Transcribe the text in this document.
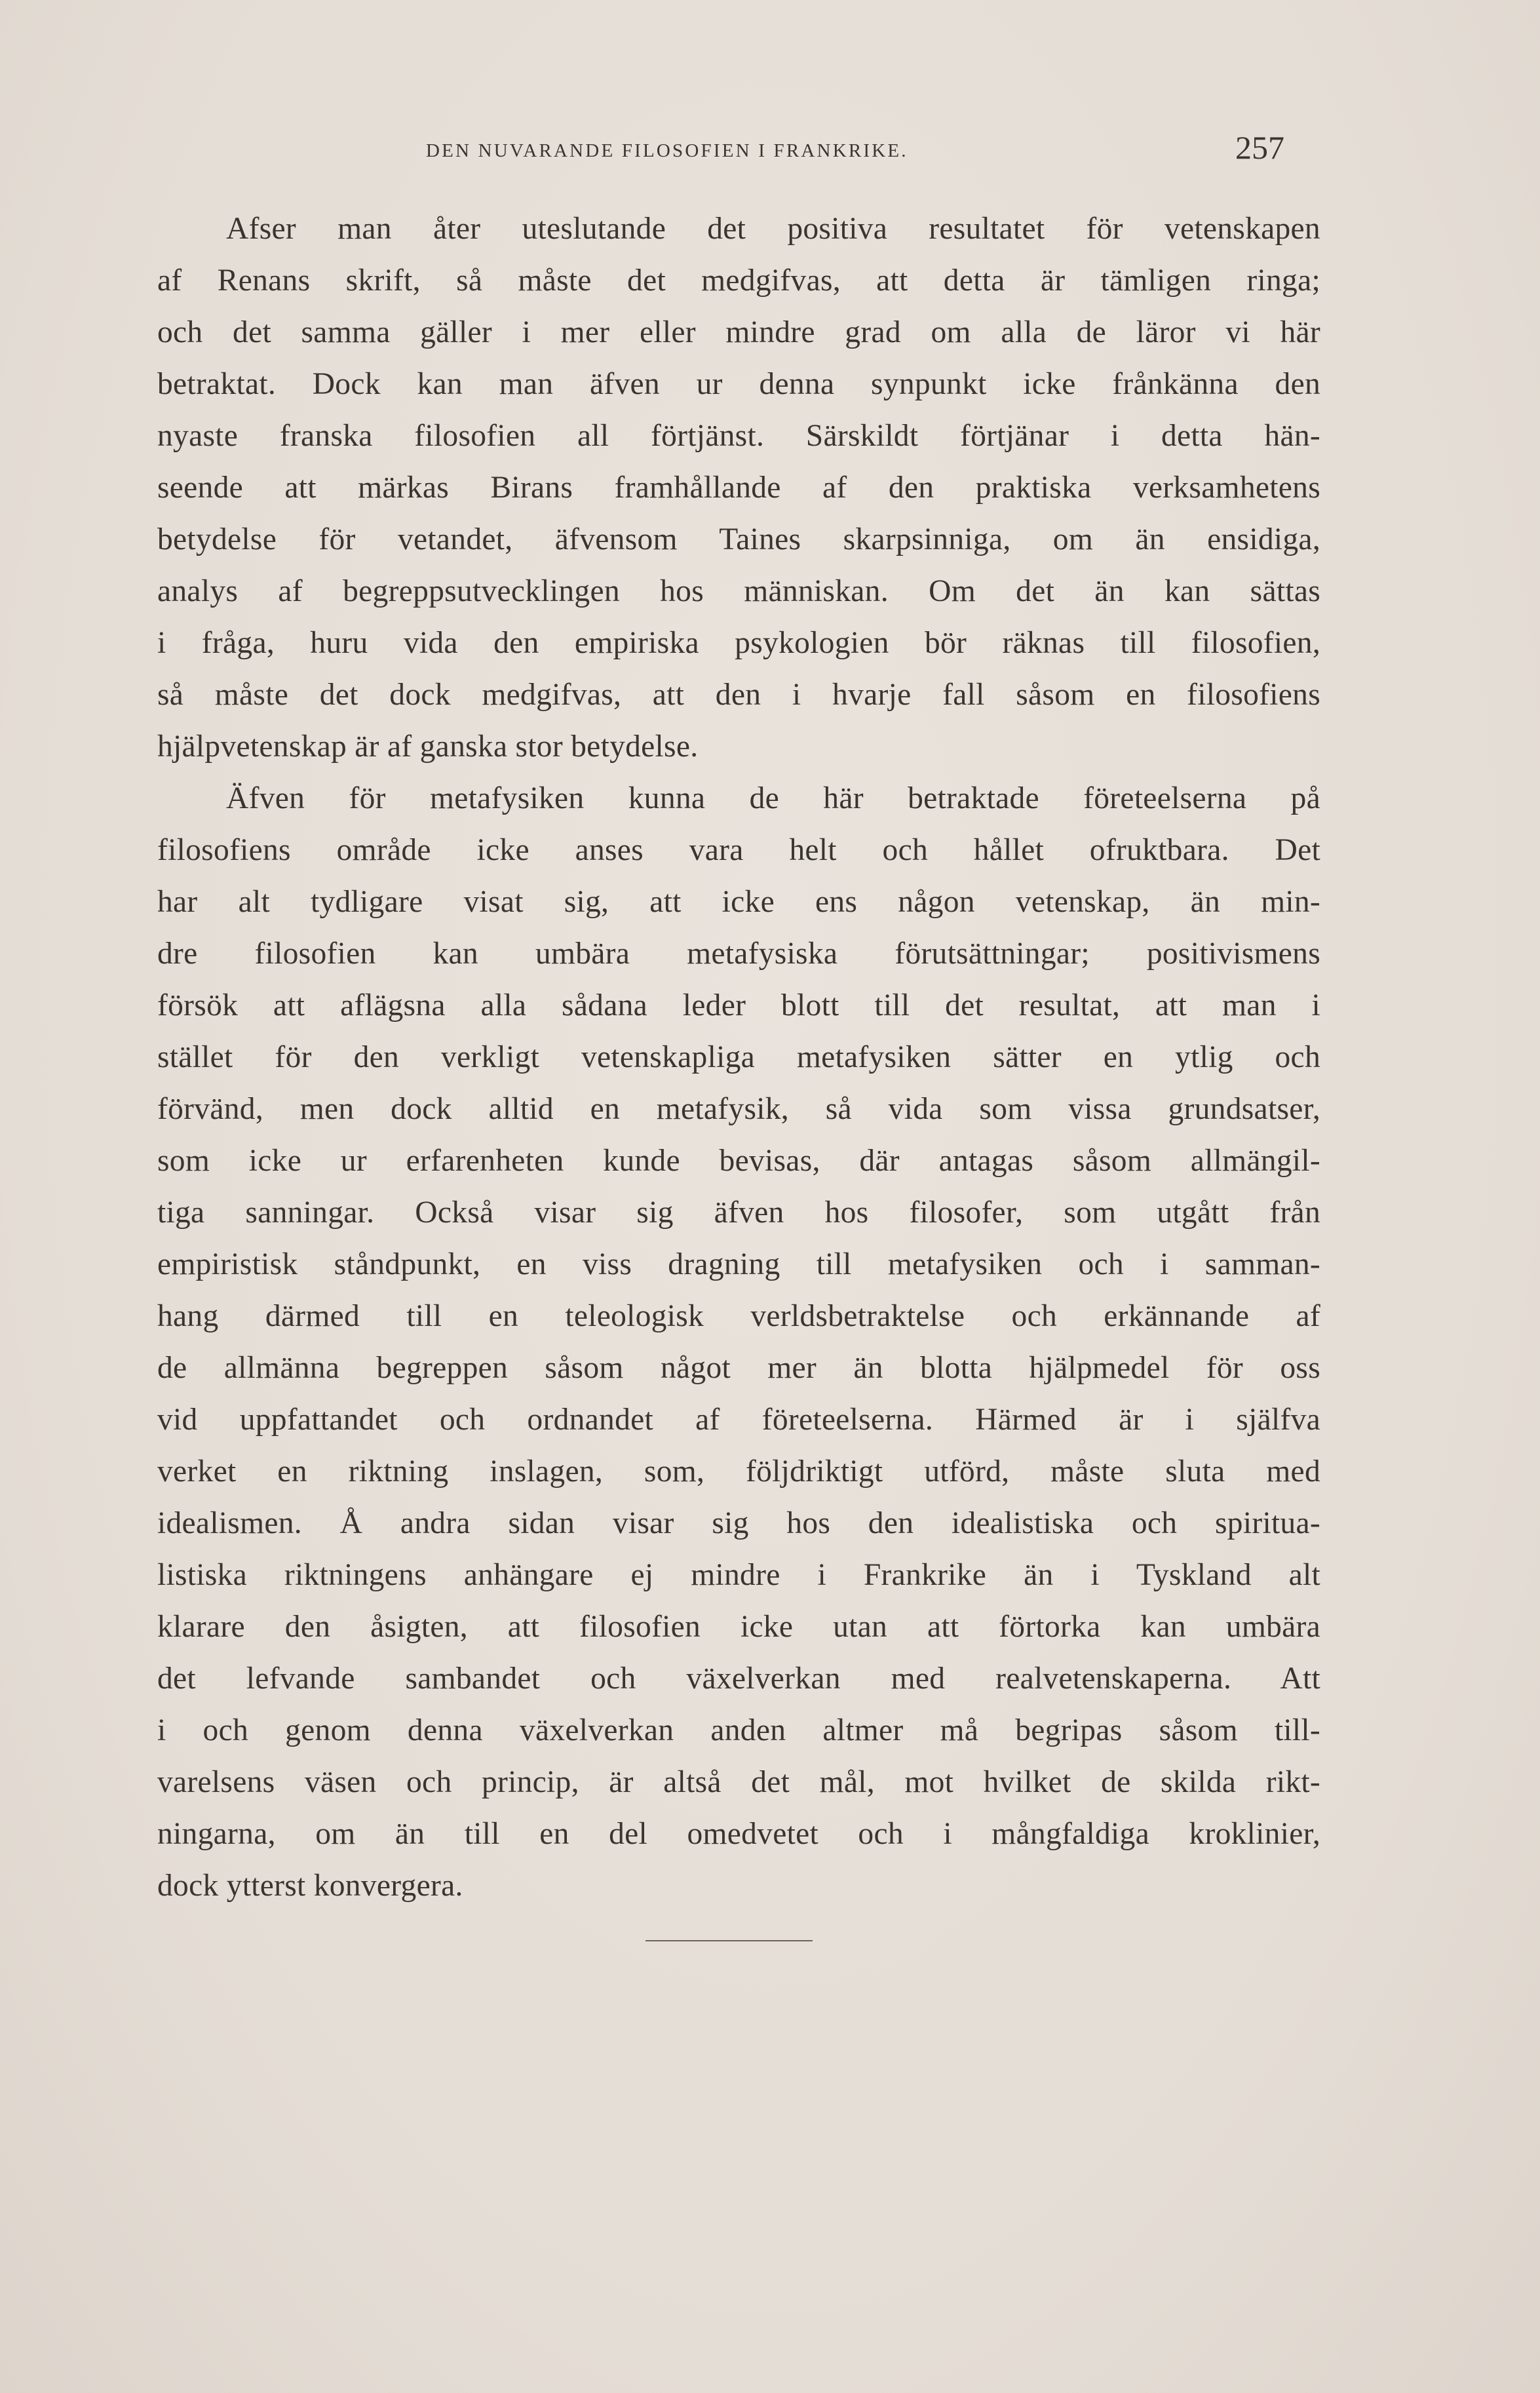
DEN NUVARANDE FILOSOFIEN I FRANKRIKE.	257
Afser man åter uteslutande det positiva resultatet för vetenskapen
af Renans skrift, så måste det medgifvas, att detta är tämligen ringa;
och det samma gäller i mer eller mindre grad om alla de läror vi här
betraktat. Dock kan man äfven ur denna synpunkt icke frånkänna den
nyaste franska filosofien all förtjänst. Särskildt förtjänar i detta hän-
seende att märkas Birans framhållande af den praktiska verksamhetens
betydelse för vetandet, äfvensom Taines skarpsinniga, om än ensidiga,
analys af begreppsutvecklingen hos människan. Om det än kan sättas
i fråga, huru vida den empiriska psykologien bör räknas till filosofien,
så måste det dock medgifvas, att den i hvarje fall såsom en filosofiens
hjälpvetenskap är af ganska stor betydelse.
Äfven för metafysiken kunna de här betraktade företeelserna på
filosofiens område icke anses vara helt och hållet ofruktbara. Det
har alt tydligare visat sig, att icke ens någon vetenskap, än min-
dre filosofien kan umbära metafysiska förutsättningar; positivismens
försök att aflägsna alla sådana leder blott till det resultat, att man i
stället för den verkligt vetenskapliga metafysiken sätter en ytlig och
förvänd, men dock alltid en metafysik, så vida som vissa grundsatser,
som icke ur erfarenheten kunde bevisas, där antagas såsom allmängil-
tiga sanningar. Också visar sig äfven hos filosofer, som utgått från
empiristisk ståndpunkt, en viss dragning till metafysiken och i samman-
hang därmed till en teleologisk verldsbetraktelse och erkännande af
de allmänna begreppen såsom något mer än blotta hjälpmedel för oss
vid uppfattandet och ordnandet af företeelserna. Härmed är i själfva
verket en riktning inslagen, som, följdriktigt utförd, måste sluta med
idealismen. Å andra sidan visar sig hos den idealistiska och spiritua-
listiska riktningens anhängare ej mindre i Frankrike än i Tyskland alt
klarare den åsigten, att filosofien icke utan att förtorka kan umbära
det lefvande sambandet och växelverkan med realvetenskaperna. Att
i och genom denna växelverkan anden altmer må begripas såsom till-
varelsens väsen och princip, är altså det mål, mot hvilket de skilda rikt-
ningarna, om än till en del omedvetet och i mångfaldiga kroklinier,
dock ytterst konvergera.
